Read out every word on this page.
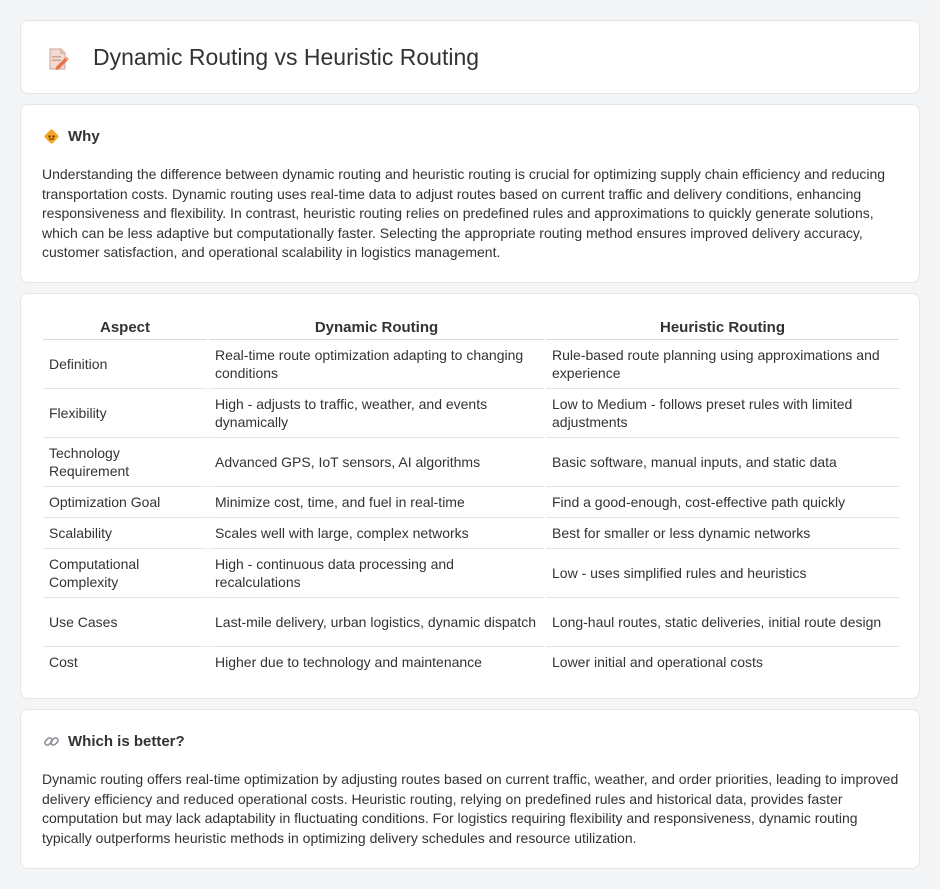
Dynamic Routing vs Heuristic Routing
Why

Understanding the difference between dynamic routing and heuristic routing is crucial for optimizing supply chain efficiency and reducing transportation costs. Dynamic routing uses real-time data to adjust routes based on current traffic and delivery conditions, enhancing responsiveness and flexibility. In contrast, heuristic routing relies on predefined rules and approximations to quickly generate solutions, which can be less adaptive but computationally faster. Selecting the appropriate routing method ensures improved delivery accuracy, customer satisfaction, and operational scalability in logistics management.

Aspect	Dynamic Routing	Heuristic Routing
Definition	Real-time route optimization adapting to changing conditions	Rule-based route planning using approximations and experience
Flexibility	High - adjusts to traffic, weather, and events dynamically	Low to Medium - follows preset rules with limited adjustments
Technology Requirement	Advanced GPS, IoT sensors, AI algorithms	Basic software, manual inputs, and static data
Optimization Goal	Minimize cost, time, and fuel in real-time	Find a good-enough, cost-effective path quickly
Scalability	Scales well with large, complex networks	Best for smaller or less dynamic networks
Computational Complexity	High - continuous data processing and recalculations	Low - uses simplified rules and heuristics
Use Cases	Last-mile delivery, urban logistics, dynamic dispatch	Long-haul routes, static deliveries, initial route design
Cost	Higher due to technology and maintenance	Lower initial and operational costs
Which is better?

Dynamic routing offers real-time optimization by adjusting routes based on current traffic, weather, and order priorities, leading to improved delivery efficiency and reduced operational costs. Heuristic routing, relying on predefined rules and historical data, provides faster computation but may lack adaptability in fluctuating conditions. For logistics requiring flexibility and responsiveness, dynamic routing typically outperforms heuristic methods in optimizing delivery schedules and resource utilization.
